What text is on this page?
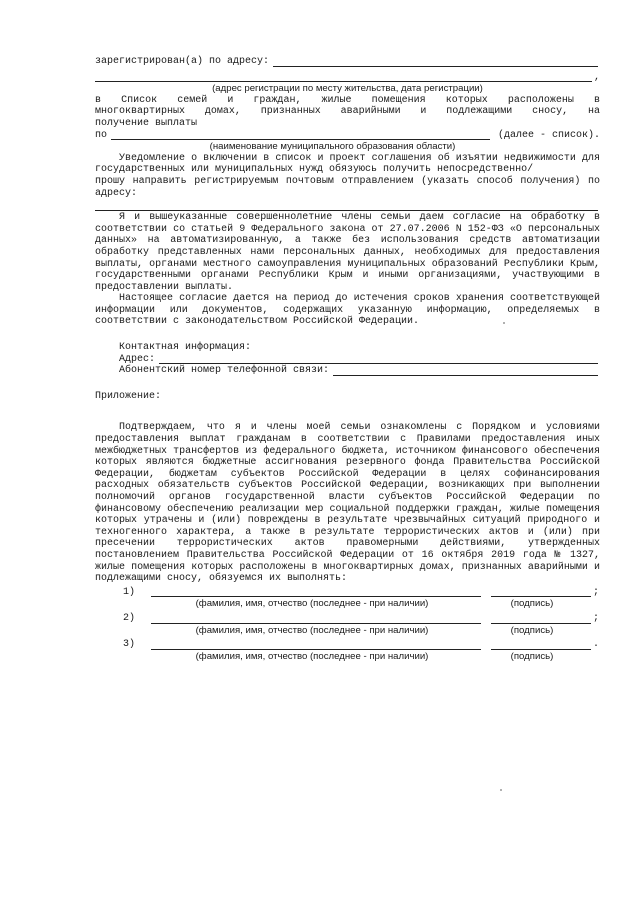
зарегистрирован(а) по адресу:
,
(адрес регистрации по месту жительства, дата регистрации)
в Список семей и граждан, жилые помещения которых расположены в
многоквартирных домах, признанных аварийными и подлежащими сносу, на
получение выплаты
по	(далее - список).
(наименование муниципального образования области)
Уведомление о включении в список и проект соглашения об изъятии недвижимости для государственных или муниципальных нужд обязуюсь получить непосредственно/
прошу направить регистрируемым почтовым отправлением (указать способ получения) по адресу:
Я и вышеуказанные совершеннолетние члены семьи даем согласие на обработку в соответствии со статьей 9 Федерального закона от 27.07.2006 N 152-ФЗ «О персональных данных» на автоматизированную, а также без использования средств автоматизации обработку представленных нами персональных данных, необходимых для предоставления выплаты, органами местного самоуправления муниципальных образований Республики Крым, государственными органами Республики Крым и иными организациями, участвующими в предоставлении выплаты.
Настоящее согласие дается на период до истечения сроков хранения соответствующей информации или документов, содержащих указанную информацию, определяемых в соответствии с законодательством Российской Федерации.
Контактная информация:
Адрес:
Абонентский номер телефонной связи:
Приложение:
Подтверждаем, что я и члены моей семьи ознакомлены с Порядком и условиями предоставления выплат гражданам в соответствии с Правилами предоставления иных межбюджетных трансфертов из федерального бюджета, источником финансового обеспечения которых являются бюджетные ассигнования резервного фонда Правительства Российской Федерации, бюджетам субъектов Российской Федерации в целях софинансирования расходных обязательств субъектов Российской Федерации, возникающих при выполнении полномочий органов государственной власти субъектов Российской Федерации по финансовому обеспечению реализации мер социальной поддержки граждан, жилые помещения которых утрачены и (или) повреждены в результате чрезвычайных ситуаций природного и техногенного характера, а также в результате террористических актов и (или) при пресечении террористических актов правомерными действиями, утвержденных постановлением Правительства Российской Федерации от 16 октября 2019 года № 1327, жилые помещения которых расположены в многоквартирных домах, признанных аварийными и подлежащими сносу, обязуемся их выполнять:
1)	;
(фамилия, имя, отчество (последнее - при наличии)	(подпись)
2)	;
(фамилия, имя, отчество (последнее - при наличии)	(подпись)
3)	.
(фамилия, имя, отчество (последнее - при наличии)	(подпись)
